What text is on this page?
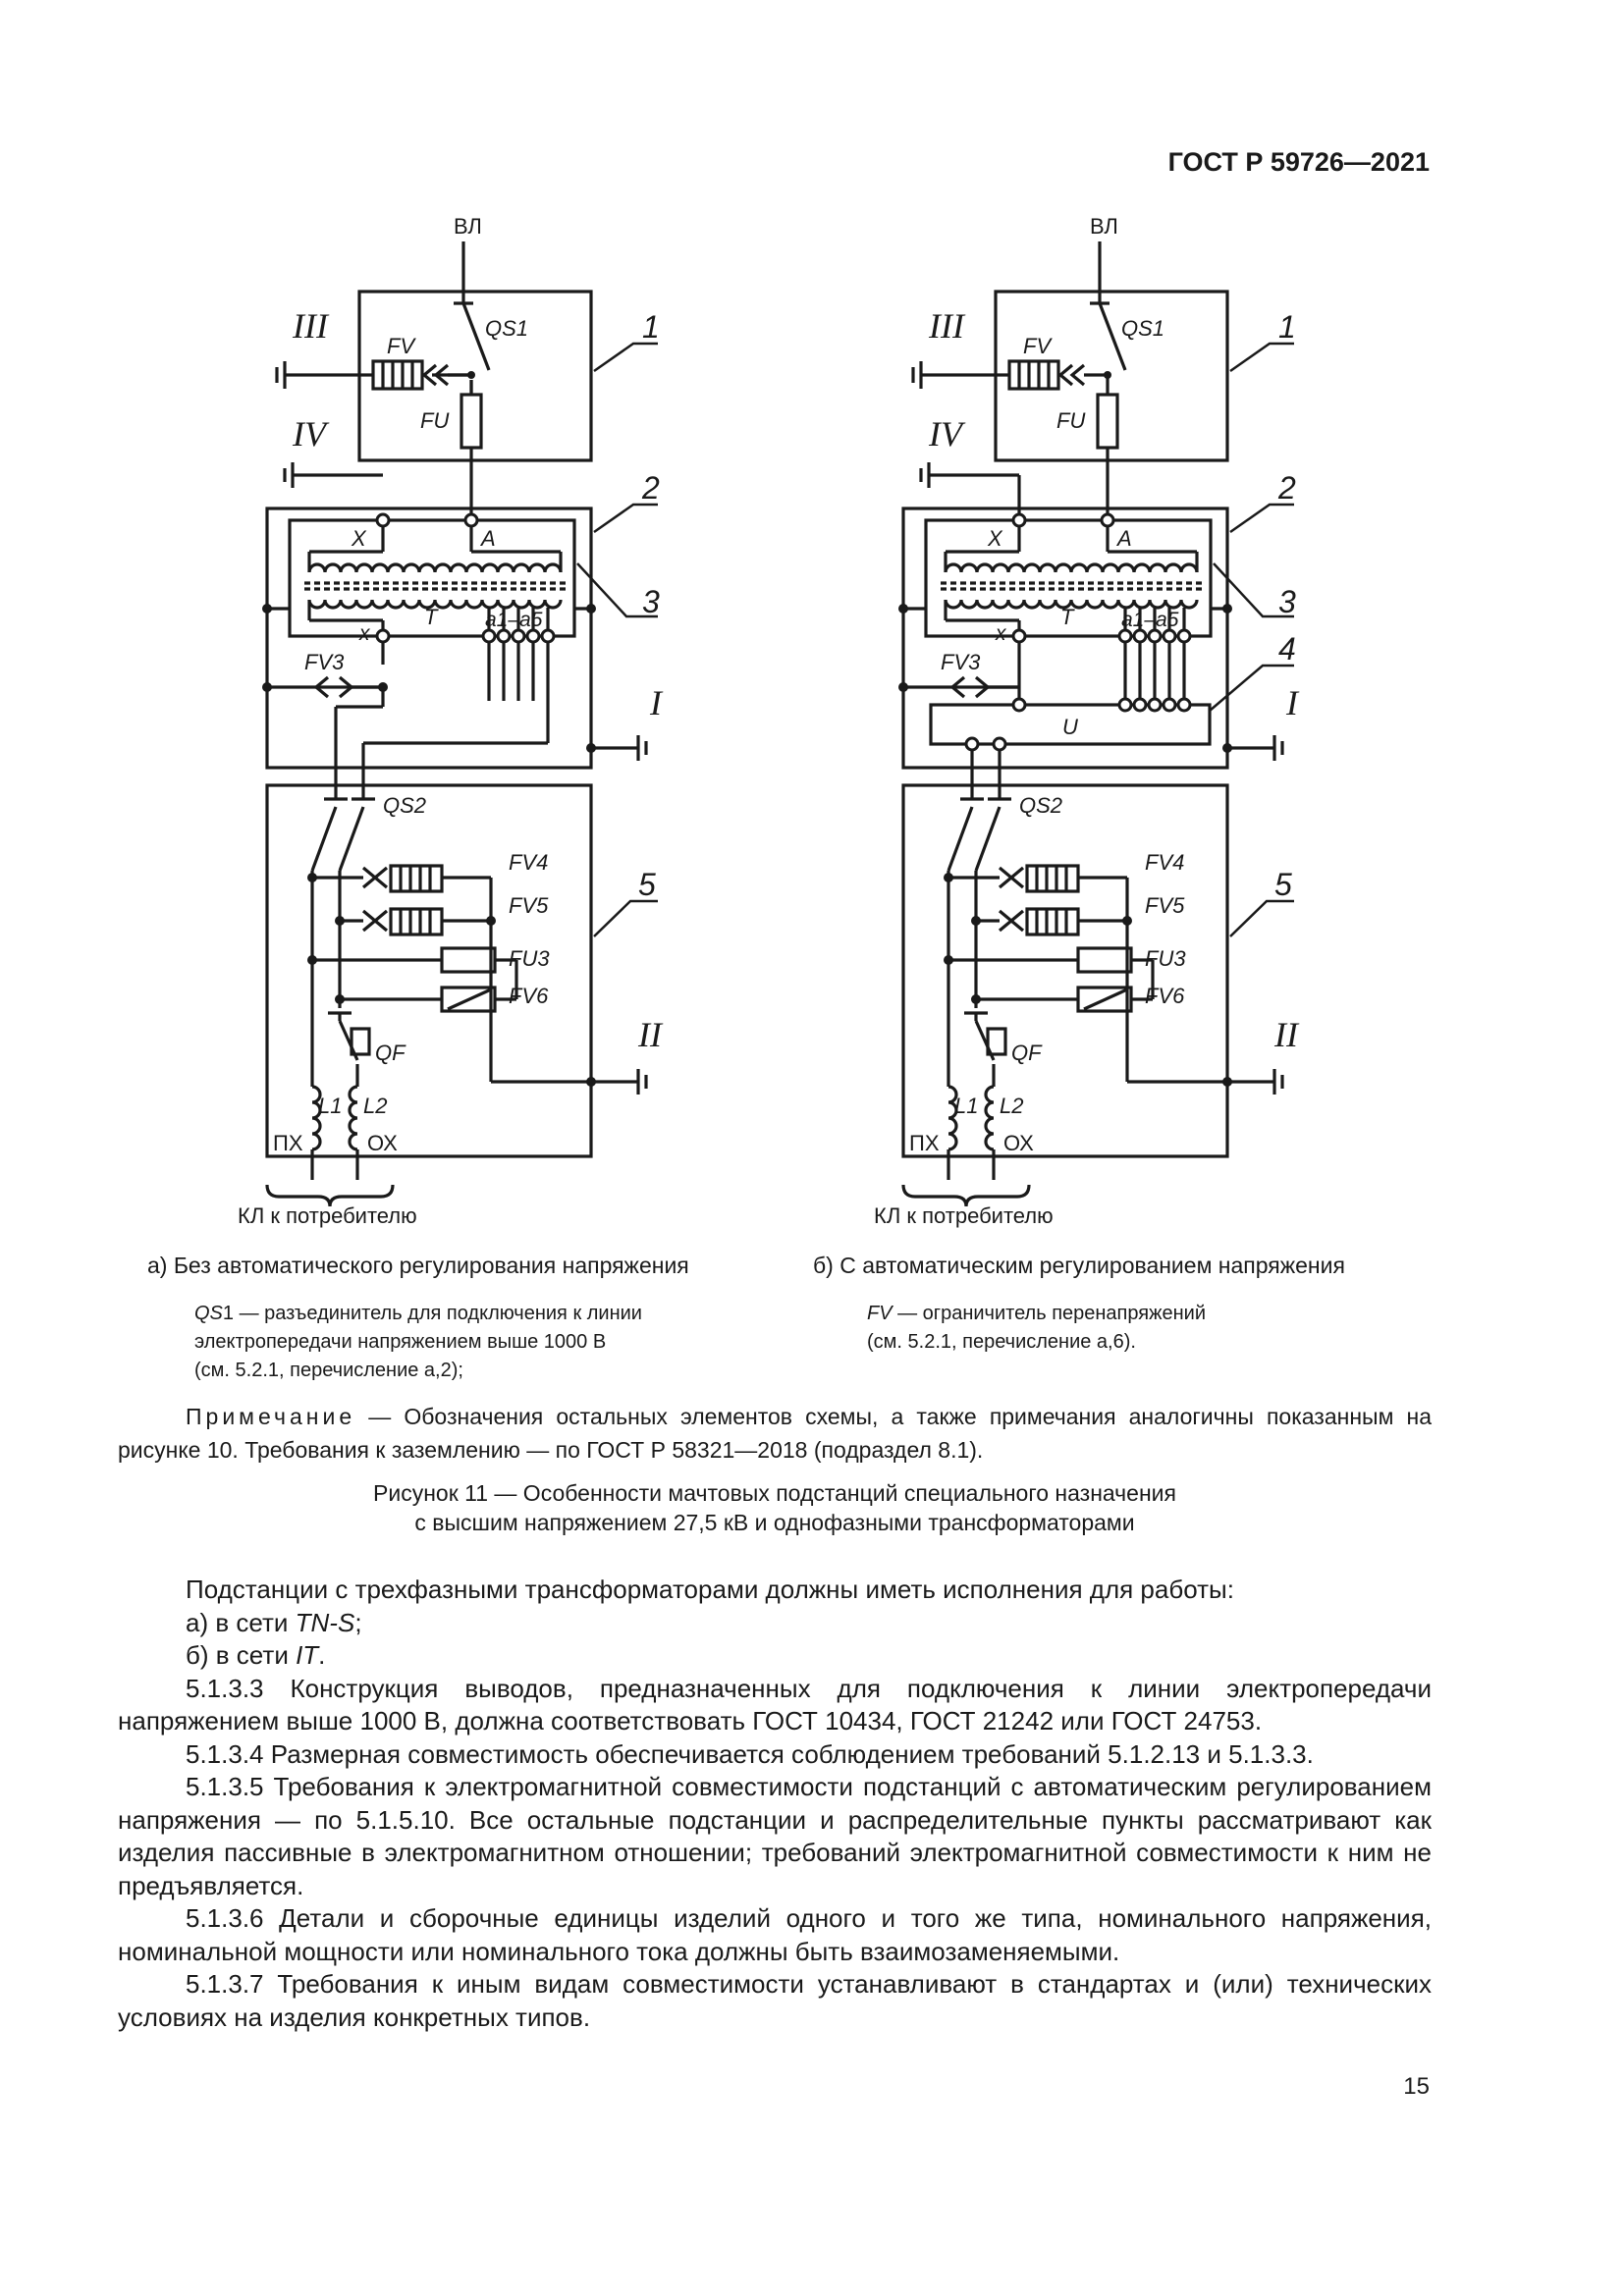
ГОСТ Р 59726—2021
ВЛ
QS1
FV
FU
X	A
x
T a1–a5
FV3
QS2
FV4
FV5
FU3
FV6
QF
L1 L2
ПХ	ОХ
КЛ к потребителю
III
IV
I
II
1
2
3
5
ВЛ
QS1
FV
FU
X	A
x
T a1–a5
FV3
U
QS2
FV4
FV5
FU3
FV6
QF
L1 L2
ПХ	ОХ
КЛ к потребителю
III
IV
I
II
1
2
3
4
5
а) Без автоматического регулирования напряжения	б) С автоматическим регулированием напряжения
QS1 — разъединитель для подключения к линии
электропередачи напряжением выше 1000 В
(см. 5.2.1, перечисление а,2);
FV — ограничитель перенапряжений
(см. 5.2.1, перечисление а,6).
Примечание — Обозначения остальных элементов схемы, а также примечания аналогичны показанным на рисунке 10. Требования к заземлению — по ГОСТ Р 58321—2018 (подраздел 8.1).
Рисунок 11 — Особенности мачтовых подстанций специального назначения
с высшим напряжением 27,5 кВ и однофазными трансформаторами

Подстанции с трехфазными трансформаторами должны иметь исполнения для работы:

а) в сети TN-S;

б) в сети IT.

5.1.3.3 Конструкция выводов, предназначенных для подключения к линии электропередачи напряжением выше 1000 В, должна соответствовать ГОСТ 10434, ГОСТ 21242 или ГОСТ 24753.

5.1.3.4 Размерная совместимость обеспечивается соблюдением требований 5.1.2.13 и 5.1.3.3.

5.1.3.5 Требования к электромагнитной совместимости подстанций с автоматическим регулированием напряжения — по 5.1.5.10. Все остальные подстанции и распределительные пункты рассматривают как изделия пассивные в электромагнитном отношении; требований электромагнитной совместимости к ним не предъявляется.

5.1.3.6 Детали и сборочные единицы изделий одного и того же типа, номинального напряжения, номинальной мощности или номинального тока должны быть взаимозаменяемыми.

5.1.3.7 Требования к иным видам совместимости устанавливают в стандартах и (или) технических условиях на изделия конкретных типов.

15
